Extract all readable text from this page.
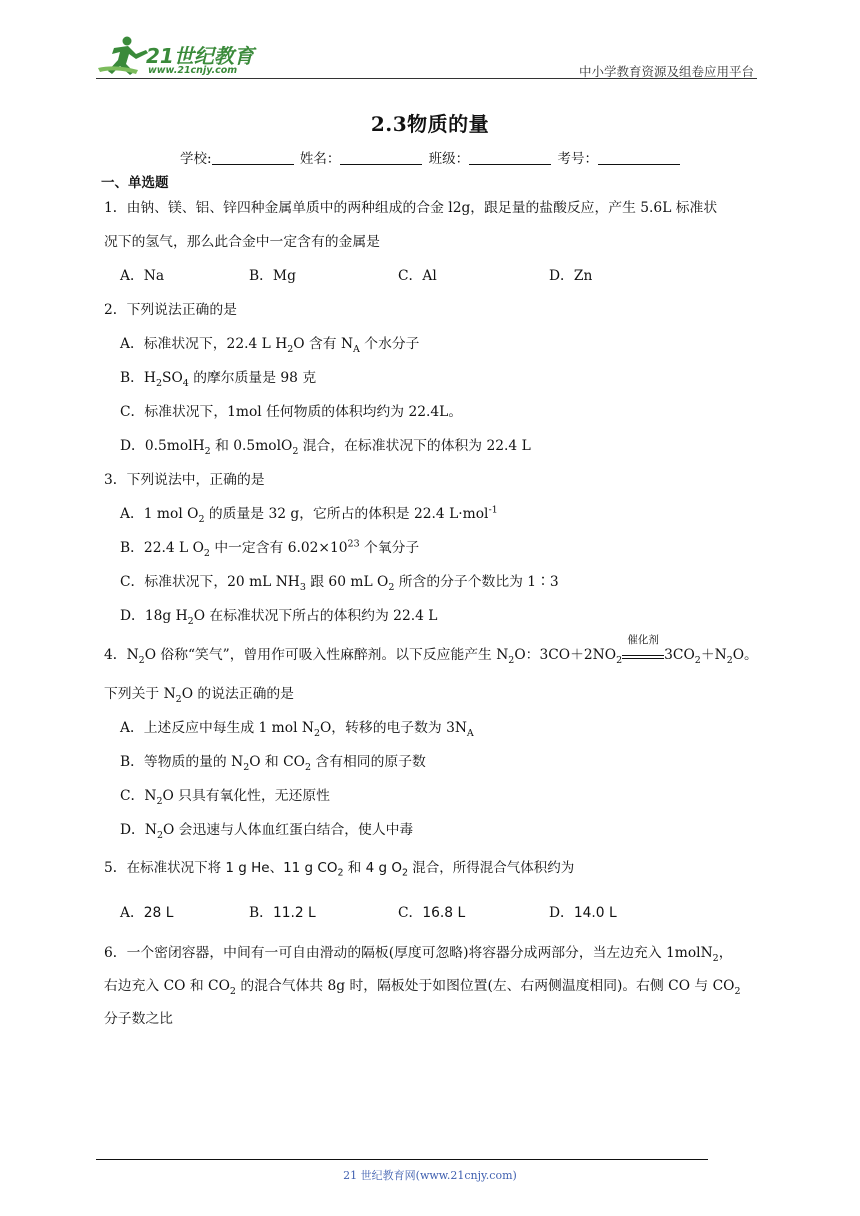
21世纪教育
www.21cnjy.com	中小学教育资源及组卷应用平台
2.3物质的量
学校:	姓名：	班级：	考号：
一、单选题
1．由钠、镁、铝、锌四种金属单质中的两种组成的合金 l2g，跟足量的盐酸反应，产生 5.6L 标准状
况下的氢气，那么此合金中一定含有的金属是
A．Na	B．Mg	C．Al	D．Zn
2．下列说法正确的是
A．标准状况下，22.4 L $H_2O$ 含有 $N_A$ 个水分子
B．$H_2SO_4$ 的摩尔质量是 98 克
C．标准状况下，1mol 任何物质的体积均约为 22.4L。
D．0.5molH$_2$ 和 0.5molO$_2$ 混合，在标准状况下的体积为 22.4 L
3．下列说法中，正确的是
A．1 mol $O_2$ 的质量是 32 g，它所占的体积是 22.4 L·mol$^{-1}$
B．22.4 L $O_2$ 中一定含有 $6.02\times 10^{23}$ 个氧分子
C．标准状况下，20 mL $NH_3$ 跟 60 mL $O_2$ 所含的分子个数比为 1∶3
D．18g $H_2O$ 在标准状况下所占的体积约为 22.4 L
4．$N_2O$ 俗称“笑气”，曾用作可吸入性麻醉剂。以下反应能产生 $N_2O$：$3CO+2NO_2$
催化剂
$3CO_2+N_2O$。
下列关于 $N_2O$ 的说法正确的是
A．上述反应中每生成 1 mol $N_2O$，转移的电子数为 $3N_A$
B．等物质的量的 $N_2O$ 和 $CO_2$ 含有相同的原子数
C．$N_2O$ 只具有氧化性，无还原性
D．$N_2O$ 会迅速与人体血红蛋白结合，使人中毒
5．在标准状况下将 1 g He、11 g $CO_2$ 和 4 g $O_2$ 混合，所得混合气体积约为
A．28 L	B．11.2 L	C．16.8 L	D．14.0 L
6．一个密闭容器，中间有一可自由滑动的隔板(厚度可忽略)将容器分成两部分，当左边充入 1molN$_2$，
右边充入 CO 和 $CO_2$ 的混合气体共 8g 时，隔板处于如图位置(左、右两侧温度相同)。右侧 CO 与 $CO_2$
分子数之比
21 世纪教育网(www.21cnjy.com)
